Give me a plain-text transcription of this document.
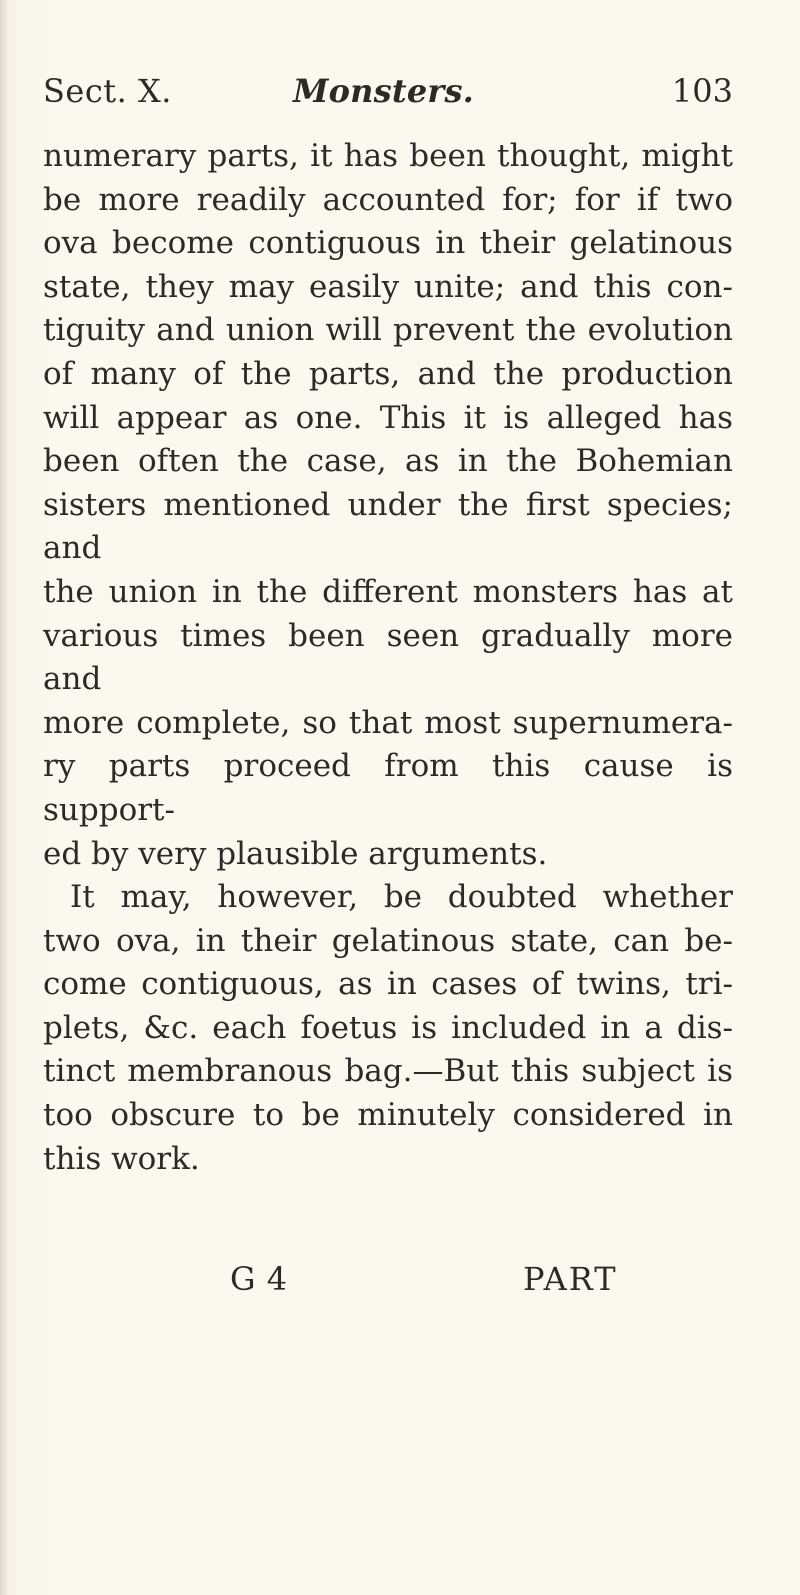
Sect. X.	Monsters.	103
numerary parts, it has been thought, might
be more readily accounted for; for if two
ova become contiguous in their gelatinous
state, they may easily unite; and this con-
tiguity and union will prevent the evolution
of many of the parts, and the production
will appear as one. This it is alleged has
been often the case, as in the Bohemian
sisters mentioned under the first species; and
the union in the different monsters has at
various times been seen gradually more and
more complete, so that most supernumera-
ry parts proceed from this cause is support-
ed by very plausible arguments.
It may, however, be doubted whether
two ova, in their gelatinous state, can be-
come contiguous, as in cases of twins, tri-
plets, &c. each foetus is included in a dis-
tinct membranous bag.—But this subject is
too obscure to be minutely considered in
this work.
G 4	PART
